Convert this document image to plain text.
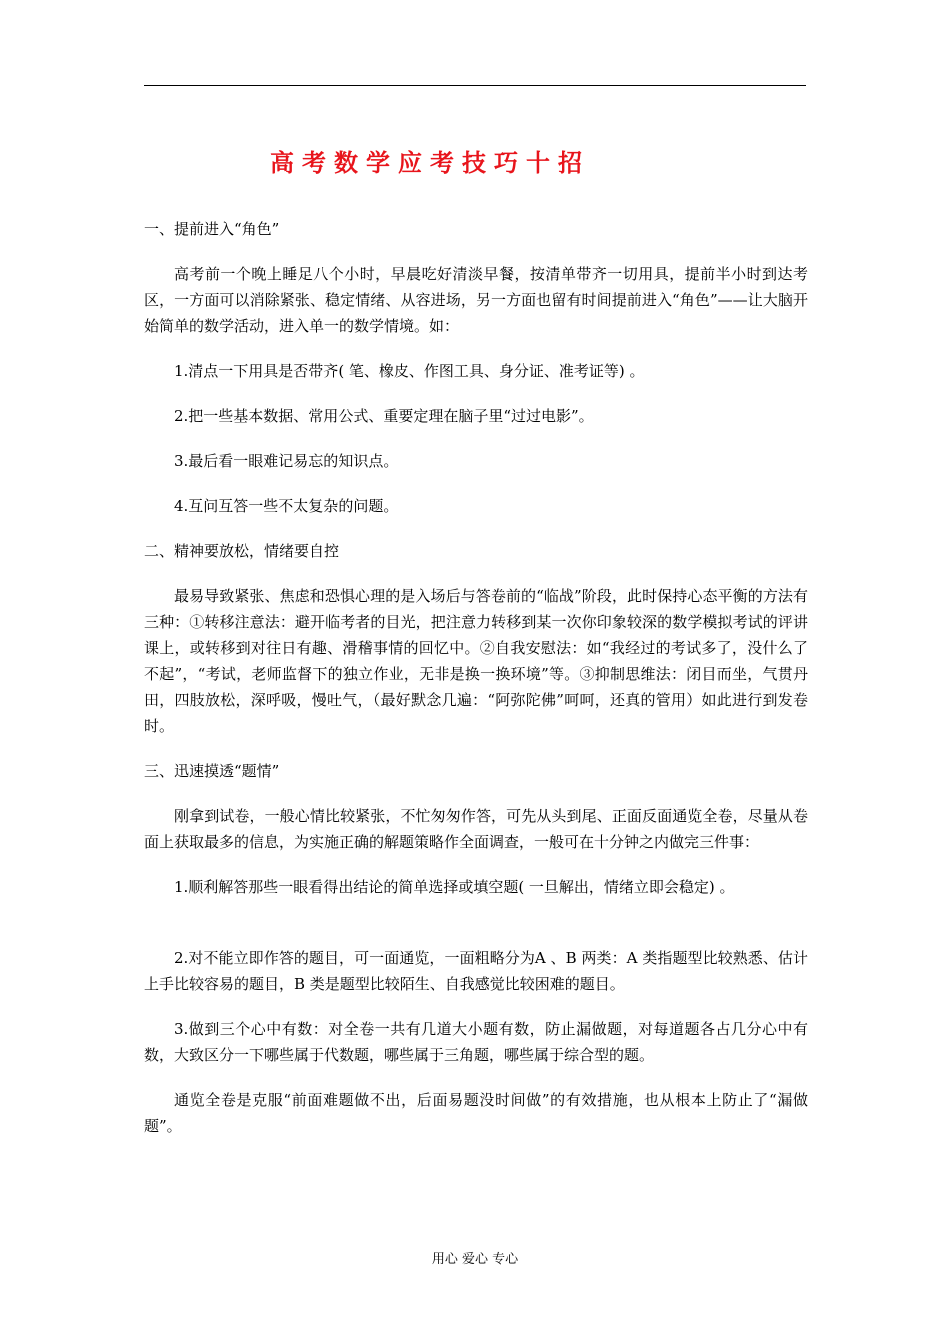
高考数学应考技巧十招

一、提前进入“角色”

高考前一个晚上睡足八个小时，早晨吃好清淡早餐，按清单带齐一切用具，提前半小时到达考区，一方面可以消除紧张、稳定情绪、从容进场，另一方面也留有时间提前进入“角色”——让大脑开始简单的数学活动，进入单一的数学情境。如：

1.清点一下用具是否带齐( 笔、橡皮、作图工具、身分证、准考证等) 。

2.把一些基本数据、常用公式、重要定理在脑子里“过过电影”。

3.最后看一眼难记易忘的知识点。

4.互问互答一些不太复杂的问题。

二、精神要放松，情绪要自控

最易导致紧张、焦虑和恐惧心理的是入场后与答卷前的“临战”阶段，此时保持心态平衡的方法有三种：①转移注意法：避开临考者的目光，把注意力转移到某一次你印象较深的数学模拟考试的评讲课上，或转移到对往日有趣、滑稽事情的回忆中。②自我安慰法：如“我经过的考试多了，没什么了不起”，“考试，老师监督下的独立作业，无非是换一换环境”等。③抑制思维法：闭目而坐，气贯丹田，四肢放松，深呼吸，慢吐气，（最好默念几遍：“阿弥陀佛”呵呵，还真的管用）如此进行到发卷时。

三、迅速摸透“题情”

刚拿到试卷，一般心情比较紧张，不忙匆匆作答，可先从头到尾、正面反面通览全卷，尽量从卷面上获取最多的信息，为实施正确的解题策略作全面调查，一般可在十分钟之内做完三件事：

1.顺利解答那些一眼看得出结论的简单选择或填空题( 一旦解出，情绪立即会稳定) 。

2.对不能立即作答的题目，可一面通览，一面粗略分为A 、B 两类：A 类指题型比较熟悉、估计上手比较容易的题目，B 类是题型比较陌生、自我感觉比较困难的题目。

3.做到三个心中有数：对全卷一共有几道大小题有数，防止漏做题，对每道题各占几分心中有数，大致区分一下哪些属于代数题，哪些属于三角题，哪些属于综合型的题。

通览全卷是克服“前面难题做不出，后面易题没时间做”的有效措施，也从根本上防止了“漏做题”。

用心 爱心 专心
